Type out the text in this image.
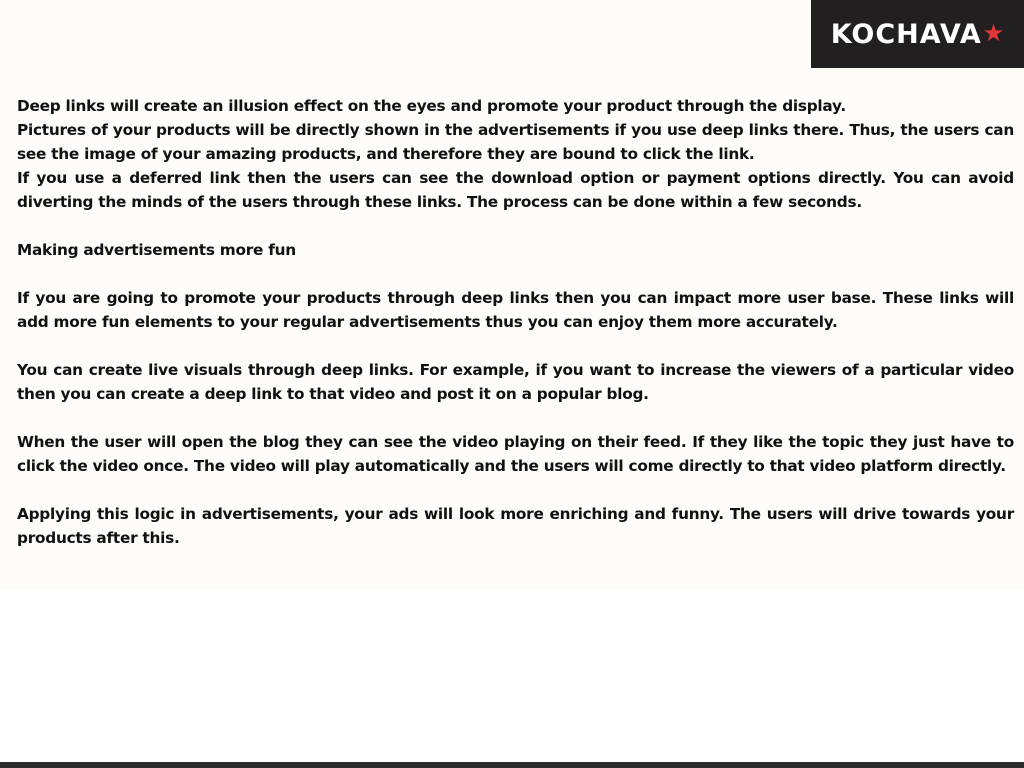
KOCHAVA ★

Deep links will create an illusion effect on the eyes and promote your product through the display.

Pictures of your products will be directly shown in the advertisements if you use deep links there. Thus, the users can see the image of your amazing products, and therefore they are bound to click the link.

If you use a deferred link then the users can see the download option or payment options directly. You can avoid diverting the minds of the users through these links. The process can be done within a few seconds.

Making advertisements more fun

If you are going to promote your products through deep links then you can impact more user base. These links will add more fun elements to your regular advertisements thus you can enjoy them more accurately.

You can create live visuals through deep links. For example, if you want to increase the viewers of a particular video then you can create a deep link to that video and post it on a popular blog.

When the user will open the blog they can see the video playing on their feed. If they like the topic they just have to click the video once. The video will play automatically and the users will come directly to that video platform directly.

Applying this logic in advertisements, your ads will look more enriching and funny. The users will drive towards your products after this.
